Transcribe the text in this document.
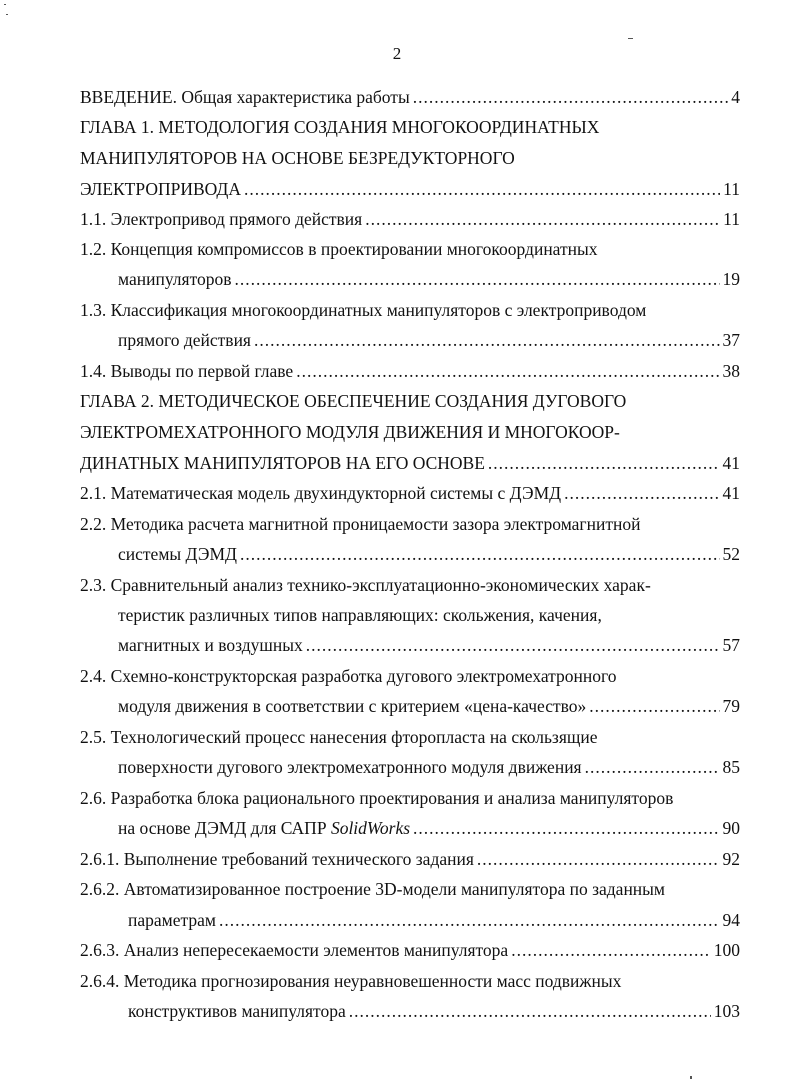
2
ВВЕДЕНИЕ. Общая характеристика работы .....	4
ГЛАВА 1. МЕТОДОЛОГИЯ СОЗДАНИЯ МНОГОКООРДИНАТНЫХ
МАНИПУЛЯТОРОВ НА ОСНОВЕ БЕЗРЕДУКТОРНОГО
ЭЛЕКТРОПРИВОДА .....	11
1.1. Электропривод прямого действия .....	11
1.2. Концепция компромиссов в проектировании многокоординатных
манипуляторов .....	19
1.3. Классификация многокоординатных манипуляторов с электроприводом
прямого действия .....	37
1.4. Выводы по первой главе .....	38
ГЛАВА 2. МЕТОДИЧЕСКОЕ ОБЕСПЕЧЕНИЕ СОЗДАНИЯ ДУГОВОГО
ЭЛЕКТРОМЕХАТРОННОГО МОДУЛЯ ДВИЖЕНИЯ И МНОГОКООР-
ДИНАТНЫХ МАНИПУЛЯТОРОВ НА ЕГО ОСНОВЕ .....	41
2.1. Математическая модель двухиндукторной системы с ДЭМД .....	41
2.2. Методика расчета магнитной проницаемости зазора электромагнитной
системы ДЭМД .....	52
2.3. Сравнительный анализ технико-эксплуатационно-экономических харак-
теристик различных типов направляющих: скольжения, качения,
магнитных и воздушных .....	57
2.4. Схемно-конструкторская разработка дугового электромехатронного
модуля движения в соответствии с критерием «цена-качество» .....	79
2.5. Технологический процесс нанесения фторопласта на скользящие
поверхности дугового электромехатронного модуля движения .....	85
2.6. Разработка блока рационального проектирования и анализа манипуляторов
на основе ДЭМД для САПР SolidWorks .....	90
2.6.1. Выполнение требований технического задания .....	92
2.6.2. Автоматизированное построение 3D-модели манипулятора по заданным
параметрам .....	94
2.6.3. Анализ непересекаемости элементов манипулятора .....	100
2.6.4. Методика прогнозирования неуравновешенности масс подвижных
конструктивов манипулятора .....	103
